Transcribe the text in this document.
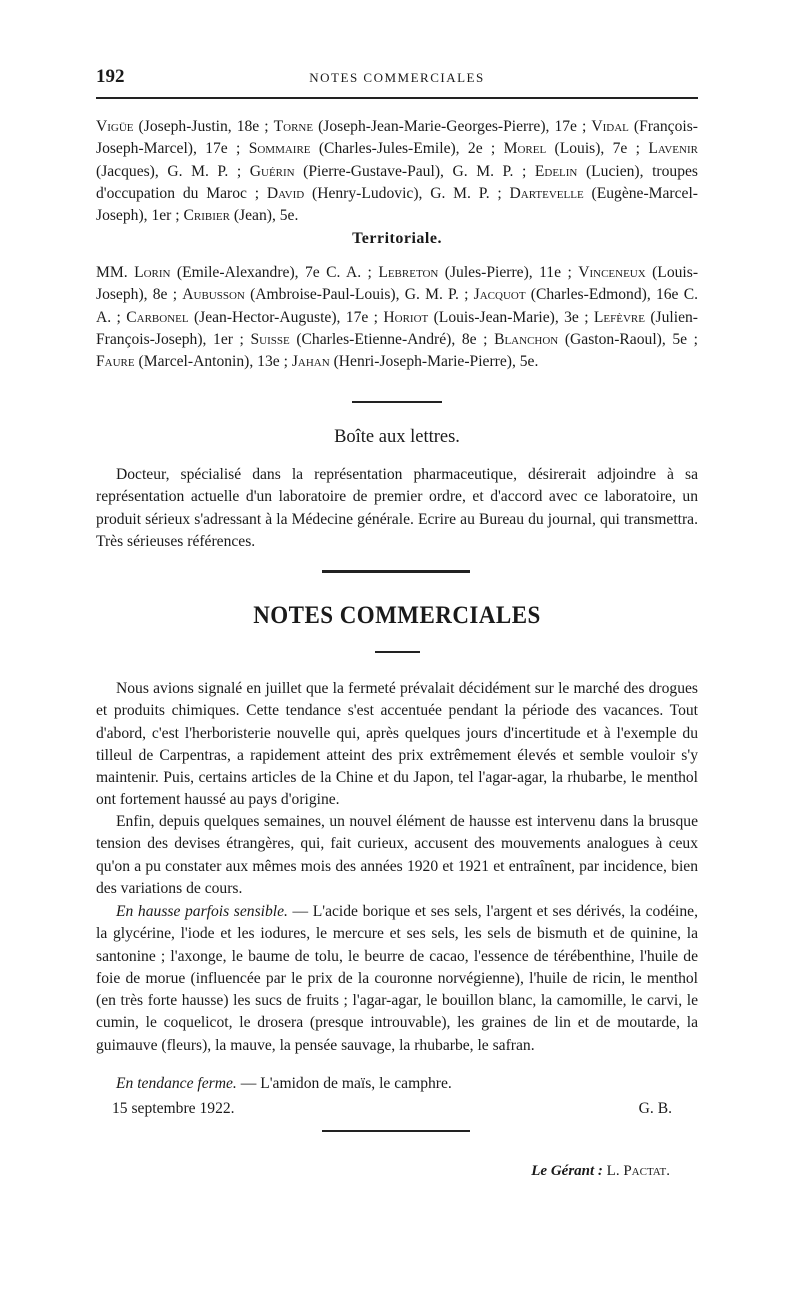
192	NOTES COMMERCIALES
Vigüe (Joseph-Justin, 18e ; Torne (Joseph-Jean-Marie-Georges-Pierre), 17e ; Vidal (François-Joseph-Marcel), 17e ; Sommaire (Charles-Jules-Emile), 2e ; Morel (Louis), 7e ; Lavenir (Jacques), G. M. P. ; Guérin (Pierre-Gustave-Paul), G. M. P. ; Edelin (Lucien), troupes d'occupation du Maroc ; David (Henry-Ludovic), G. M. P. ; Dartevelle (Eugène-Marcel-Joseph), 1er ; Cribier (Jean), 5e.
Territoriale.
MM. Lorin (Emile-Alexandre), 7e C. A. ; Lebreton (Jules-Pierre), 11e ; Vinceneux (Louis-Joseph), 8e ; Aubusson (Ambroise-Paul-Louis), G. M. P. ; Jacquot (Charles-Edmond), 16e C. A. ; Carbonel (Jean-Hector-Auguste), 17e ; Horiot (Louis-Jean-Marie), 3e ; Lefèvre (Julien-François-Joseph), 1er ; Suisse (Charles-Etienne-André), 8e ; Blanchon (Gaston-Raoul), 5e ; Faure (Marcel-Antonin), 13e ; Jahan (Henri-Joseph-Marie-Pierre), 5e.
Boîte aux lettres.
Docteur, spécialisé dans la représentation pharmaceutique, désirerait adjoindre à sa représentation actuelle d'un laboratoire de premier ordre, et d'accord avec ce laboratoire, un produit sérieux s'adressant à la Médecine générale. Ecrire au Bureau du journal, qui transmettra. Très sérieuses références.
NOTES COMMERCIALES
Nous avions signalé en juillet que la fermeté prévalait décidément sur le marché des drogues et produits chimiques. Cette tendance s'est accentuée pendant la période des vacances. Tout d'abord, c'est l'herboristerie nouvelle qui, après quelques jours d'incertitude et à l'exemple du tilleul de Carpentras, a rapidement atteint des prix extrêmement élevés et semble vouloir s'y maintenir. Puis, certains articles de la Chine et du Japon, tel l'agar-agar, la rhubarbe, le menthol ont fortement haussé au pays d'origine.
Enfin, depuis quelques semaines, un nouvel élément de hausse est intervenu dans la brusque tension des devises étrangères, qui, fait curieux, accusent des mouvements analogues à ceux qu'on a pu constater aux mêmes mois des années 1920 et 1921 et entraînent, par incidence, bien des variations de cours.
En hausse parfois sensible. — L'acide borique et ses sels, l'argent et ses dérivés, la codéine, la glycérine, l'iode et les iodures, le mercure et ses sels, les sels de bismuth et de quinine, la santonine ; l'axonge, le baume de tolu, le beurre de cacao, l'essence de térébenthine, l'huile de foie de morue (influencée par le prix de la couronne norvégienne), l'huile de ricin, le menthol (en très forte hausse) les sucs de fruits ; l'agar-agar, le bouillon blanc, la camomille, le carvi, le cumin, le coquelicot, le drosera (presque introuvable), les graines de lin et de moutarde, la guimauve (fleurs), la mauve, la pensée sauvage, la rhubarbe, le safran.
En tendance ferme. — L'amidon de maïs, le camphre.
15 septembre 1922.	G. B.
Le Gérant : L. Pactat.
